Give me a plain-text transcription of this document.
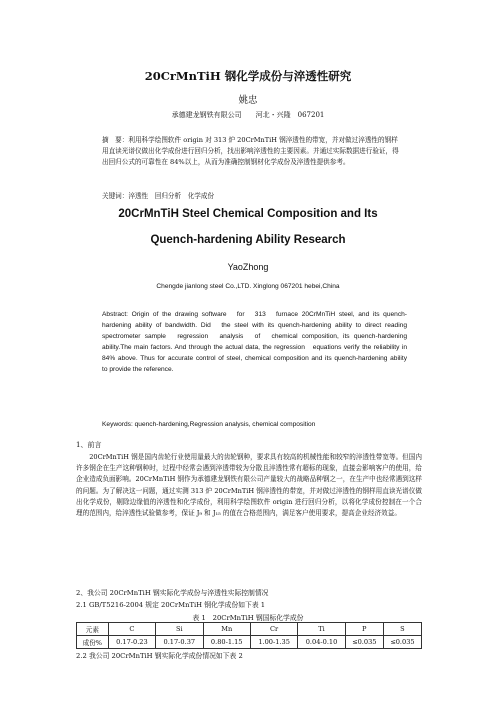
20CrMnTiH 钢化学成份与淬透性研究
姚忠
承德建龙钢铁有限公司　　河北・兴隆　067201
摘　要：利用科学绘图软件 origin 对 313 炉 20CrMnTiH 钢淬透性的带宽，并对做过淬透性的钢样用直读光谱仪做出化学成份进行回归分析，找出影响淬透性的主要因素。并通过实际数据进行验证，得出回归公式的可靠性在 84%以上，从而为准确控制钢材化学成份及淬透性提供参考。
关键词：淬透性　回归分析　化学成份
20CrMnTiH Steel Chemical Composition and Its
Quench-hardening Ability Research
YaoZhong
Chengde jianlong steel Co.,LTD. Xinglong 067201 hebei,China
Abstract: Origin of the drawing software　for　313　furnace 20CrMnTiH steel, and its quench-hardening ability of bandwidth. Did　the steel with its quench-hardening ability to direct reading spectrometer sample　regression　analysis　of　chemical composition, its quench-hardening ability.The main factors. And through the actual data, the regression　equations verify the reliability in 84% above. Thus for accurate control of steel, chemical composition and its quench-hardening ability　to provide the reference.
Keywords: quench-hardening,Regression analysis, chemical composition
1、前言

20CrMnTiH 钢是国内齿轮行业使用量最大的齿轮钢种，要求具有较高的机械性能和较窄的淬透性带宽等。但国内许多钢企在生产这种钢种时，过程中经常会遇到淬透带较为分散且淬透性常有超标的现象，直接会影响客户的使用，给企业造成负面影响。20CrMnTiH 钢作为承德建龙钢铁有限公司产量较大的战略品种钢之一，在生产中也经常遇到这样的问题。为了解决这一问题，通过实测 313 炉 20CrMnTiH 钢淬透性的带宽，并对做过淬透性的钢样用直读光谱仪做出化学成份，剔除边缘值的淬透性和化学成份，利用科学绘图软件 origin 进行回归分析，以将化学成份控制在一个合理的范围内，给淬透性试验做参考，保证 J₉ 和 J₁₅ 的值在合格范围内，满足客户使用要求，提高企业经济效益。

2、我公司 20CrMnTiH 钢实际化学成份与淬透性实际控制情况
2.1 GB/T5216-2004 规定 20CrMnTiH 钢化学成份如下表 1
表 1　20CrMnTiH 钢国标化学成份
元素	C	Si	Mn	Cr	Ti	P	S
成份%	0.17-0.23	0.17-0.37	0.80-1.15	1.00-1.35	0.04-0.10	≤0.035	≤0.035
2.2 我公司 20CrMnTiH 钢实际化学成份情况如下表 2
